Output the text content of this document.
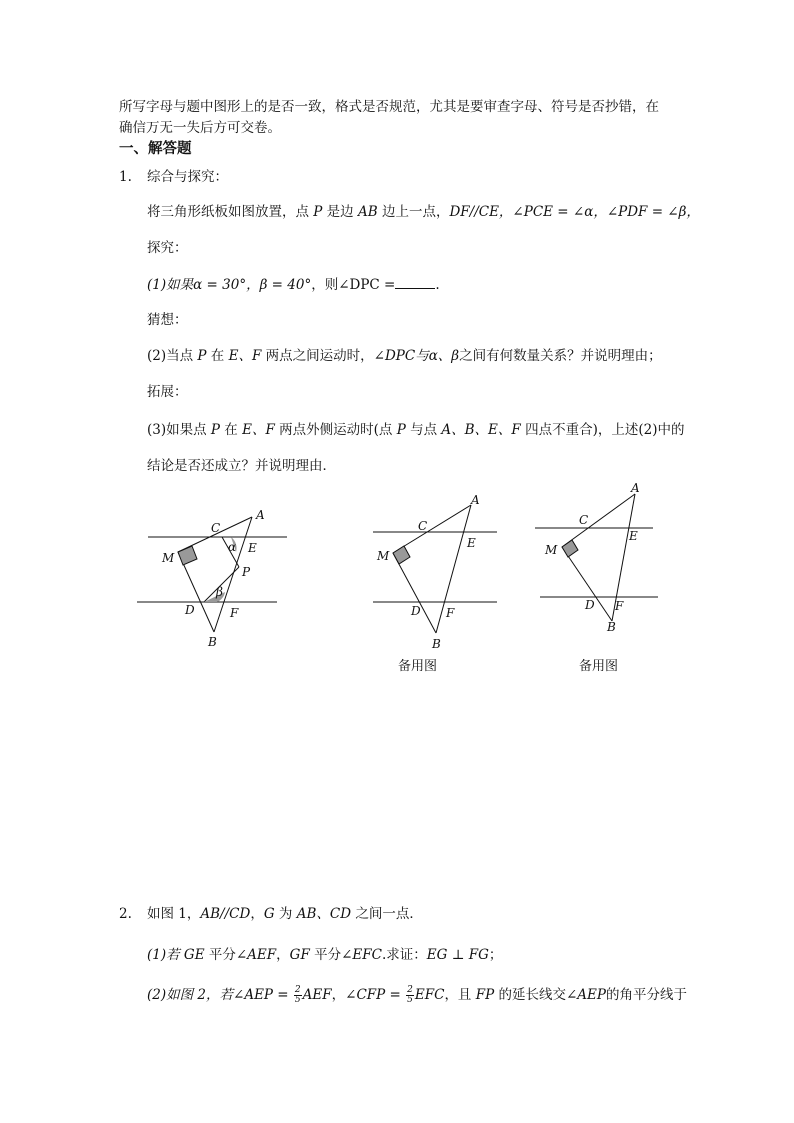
所写字母与题中图形上的是否一致，格式是否规范，尤其是要审查字母、符号是否抄错，在
确信万无一失后方可交卷。
一、解答题
1. 综合与探究：
将三角形纸板如图放置，点 P 是边 AB 边上一点，DF//CE，∠PCE = ∠α，∠PDF = ∠β，
探究：
(1)如果α = 30°，β = 40°，则∠DPC =	.
猜想：
(2)当点 P 在 E、F 两点之间运动时，∠DPC与α、β之间有何数量关系？并说明理由；
拓展：
(3)如果点 P 在 E、F 两点外侧运动时(点 P 与点 A、B、E、F 四点不重合)，上述(2)中的
结论是否还成立？并说明理由．
A
C
E
α
M
P
β
D	F
B
A
C
E
M
D F
B
备用图
A
C
E
M
D F
B
备用图
2. 如图 1，AB//CD，G 为 AB、CD 之间一点．
(1)若 GE 平分∠AEF，GF 平分∠EFC.求证：EG ⊥ FG；
(2)如图 2，若∠AEP = $\frac{2}{5}$ AEF，∠CFP = $\frac{2}{5}$ EFC，且 FP 的延长线交∠AEP的角平分线于
